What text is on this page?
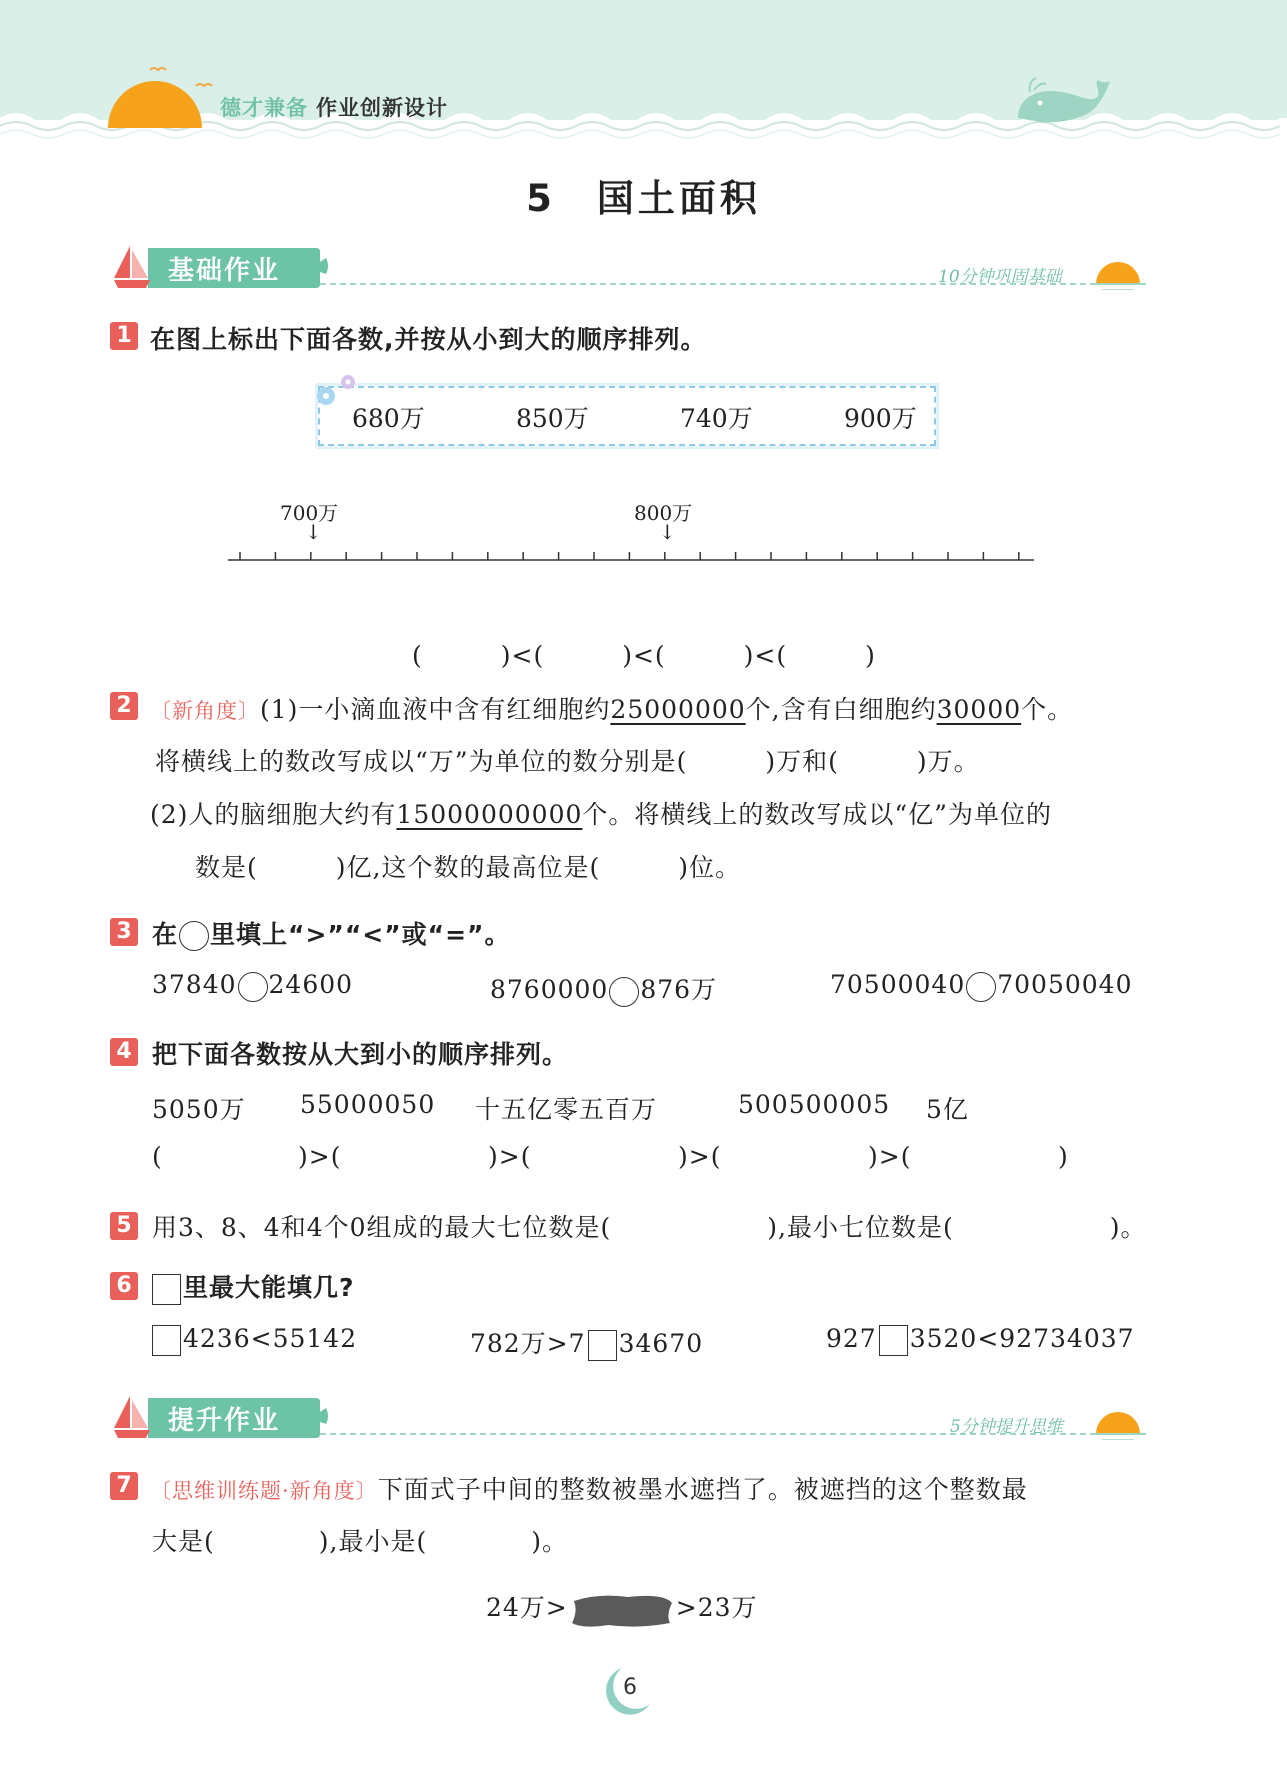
德才兼备 作业创新设计
5　国土面积
基础作业	10分钟巩固基础
1 在图上标出下面各数,并按从小到大的顺序排列。
680万	850万	740万	900万
700万
↓
800万
↓
(　　　)<(　　　)<(　　　)<(　　　)
2 〔新角度〕(1)一小滴血液中含有红细胞约25000000个,含有白细胞约30000个。
将横线上的数改写成以“万”为单位的数分别是(　　　)万和(　　　)万。
(2)人的脑细胞大约有15000000000个。将横线上的数改写成以“亿”为单位的
数是(　　　)亿,这个数的最高位是(　　　)位。
3 在 里填上“>”“<”或“=”。
37840 24600	8760000 876万	70500040 70050040
4 把下面各数按从大到小的顺序排列。
5050万 55000050 十五亿零五百万	500500005 5亿
(	)>(	)>(	)>(	)>(	)
5 用3、8、4和4个0组成的最大七位数是(　　　　　　),最小七位数是(　　　　　　)。
6	里最大能填几?
4236<55142	782万>7 34670	927 3520<92734037
提升作业	5分钟提升思维
7 〔思维训练题·新角度〕下面式子中间的整数被墨水遮挡了。被遮挡的这个整数最
大是(　　　　),最小是(　　　　)。
24万>	>23万
6
